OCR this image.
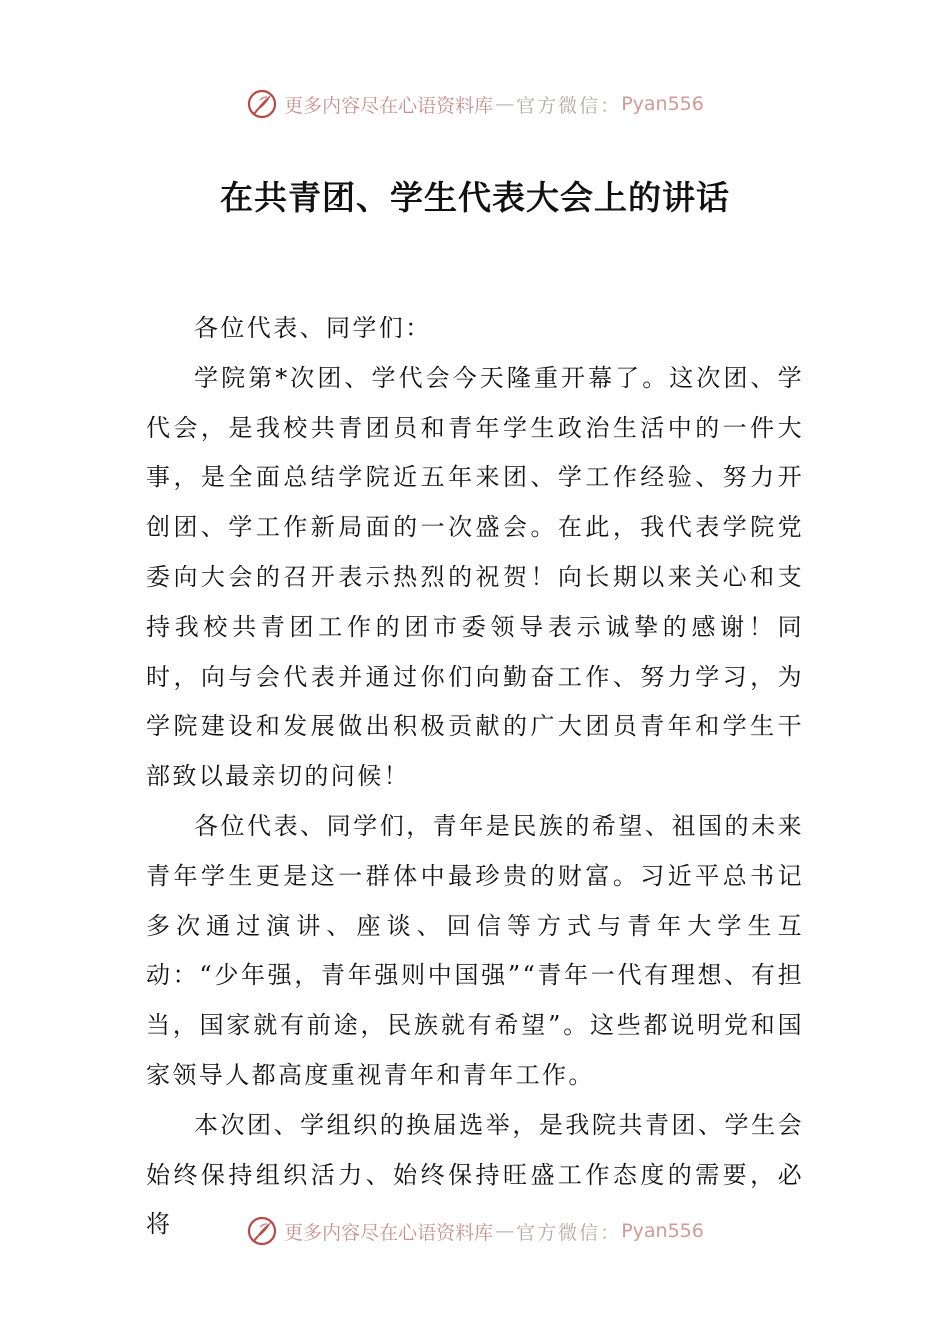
更多内容尽在心语资料库 — 官方微信： Pyan556
在共青团、学生代表大会上的讲话

各位代表、同学们：

学院第*次团、学代会今天隆重开幕了。这次团、学代会，是我校共青团员和青年学生政治生活中的一件大事，是全面总结学院近五年来团、学工作经验、努力开创团、学工作新局面的一次盛会。在此，我代表学院党委向大会的召开表示热烈的祝贺！向长期以来关心和支持我校共青团工作的团市委领导表示诚挚的感谢！同时，向与会代表并通过你们向勤奋工作、努力学习，为学院建设和发展做出积极贡献的广大团员青年和学生干部致以最亲切的问候！

各位代表、同学们，青年是民族的希望、祖国的未来青年学生更是这一群体中最珍贵的财富。习近平总书记多次通过演讲、座谈、回信等方式与青年大学生互动：“少年强，青年强则中国强”“青年一代有理想、有担当，国家就有前途，民族就有希望”。这些都说明党和国家领导人都高度重视青年和青年工作。

本次团、学组织的换届选举，是我院共青团、学生会始终保持组织活力、始终保持旺盛工作态度的需要，必将	更多内容尽在心语资料库 — 官方微信： Pyan556
